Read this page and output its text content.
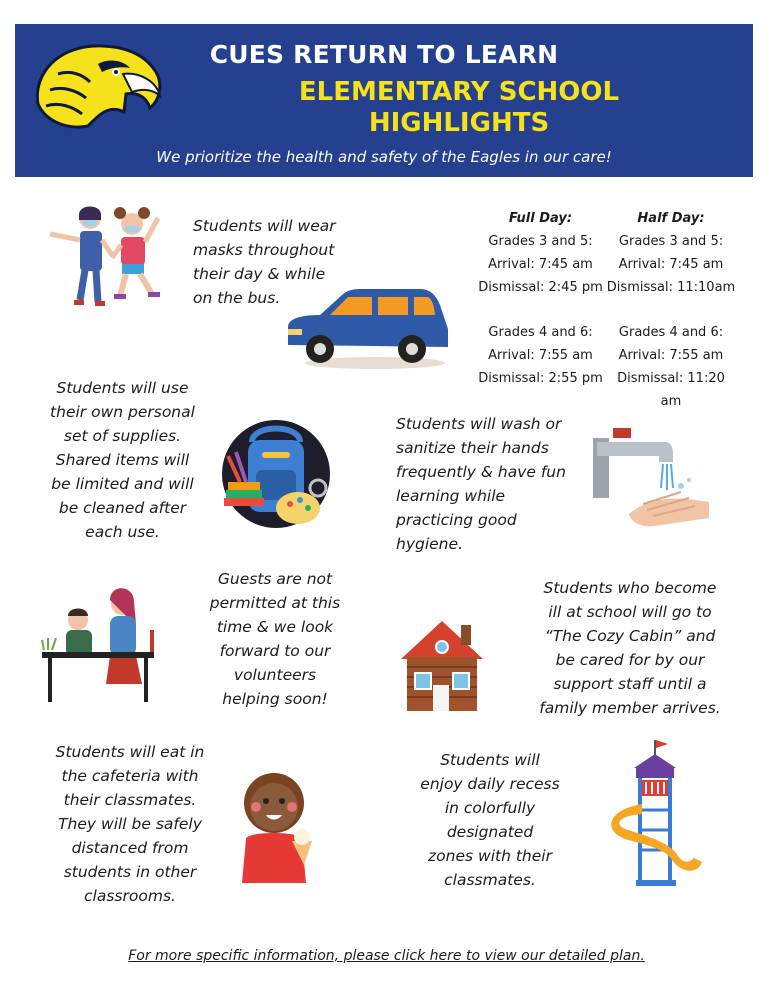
CUES RETURN TO LEARN
ELEMENTARY SCHOOL
HIGHLIGHTS
We prioritize the health and safety of the Eagles in our care!
Students will wear
masks throughout
their day & while
on the bus.
Full Day:
Grades 3 and 5:
Arrival: 7:45 am
Dismissal: 2:45 pm
Grades 4 and 6:
Arrival: 7:55 am
Dismissal: 2:55 pm
Half Day:
Grades 3 and 5:
Arrival: 7:45 am
Dismissal: 11:10am
Grades 4 and 6:
Arrival: 7:55 am
Dismissal: 11:20 am
Students will use
their own personal
set of supplies.
Shared items will
be limited and will
be cleaned after
each use.
Students will wash or
sanitize their hands
frequently & have fun
learning while
practicing good
hygiene.
Guests are not
permitted at this
time & we look
forward to our
volunteers
helping soon!
Students who become
ill at school will go to
“The Cozy Cabin” and
be cared for by our
support staff until a
family member arrives.
Students will eat in
the cafeteria with
their classmates.
They will be safely
distanced from
students in other
classrooms.
Students will
enjoy daily recess
in colorfully
designated
zones with their
classmates.
For more specific information, please click here to view our detailed plan.
